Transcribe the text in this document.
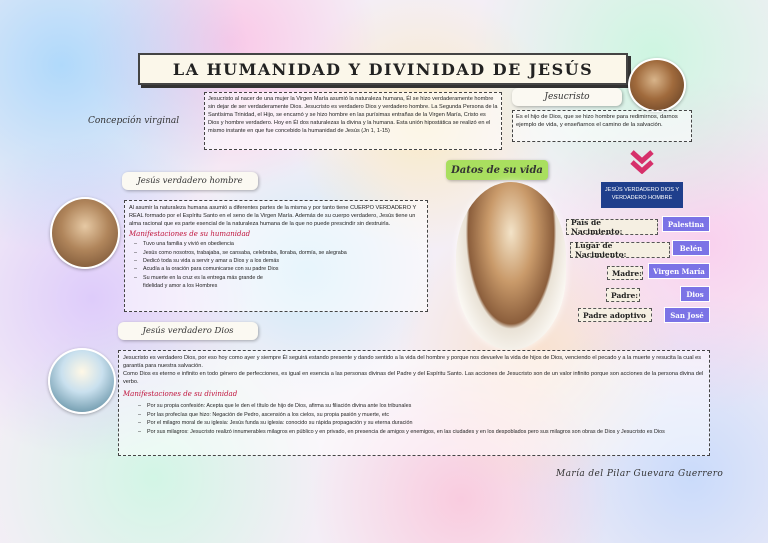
LA HUMANIDAD Y DIVINIDAD DE JESÚS
Concepción virginal
Jesucristo al nacer de una mujer la Virgen María asumió la naturaleza humana, Él se hizo verdaderamente hombre sin dejar de ser verdaderamente Dios. Jesucristo es verdadero Dios y verdadero hombre. La Segunda Persona de la Santísima Trinidad, el Hijo, se encarnó y se hizo hombre en las purísimas entrañas de la Virgen María, Cristo es Dios y hombre verdadero. Hoy en Él dos naturalezas la divina y la humana. Esta unión hipostática se realizó en el mismo instante en que fue concebido la humanidad de Jesús (Jn 1, 1-15)
Jesucristo
Es el hijo de Dios, que se hizo hombre para redimirnos, darnos ejemplo de vida, y enseñarnos el camino de la salvación.
JESÚS VERDADERO DIOS Y VERDADERO HOMBRE
Datos de su vida
País de Nacimiento:
Palestina
Lugar de Nacimiento:
Belén
Madre:	Virgen María
Padre:	Dios
Padre adoptivo	San José
Jesús verdadero hombre
Al asumir la naturaleza humana asumió a diferentes partes de la misma y por tanto tiene CUERPO VERDADERO Y REAL formado por el Espíritu Santo en el seno de la Virgen María. Además de su cuerpo verdadero, Jesús tiene un alma racional que es parte esencial de la naturaleza humana de la que no puede prescindir sin destruirla.
Manifestaciones de su humanidad
– Tuvo una familia y vivió en obediencia
– Jesús como nosotros, trabajaba, se cansaba, celebraba, lloraba, dormía, se alegraba
– Dedicó toda su vida a servir y amar a Dios y a los demás
– Acudía a la oración para comunicarse con su padre Dios
– Su muerte en la cruz es la entrega más grande de fidelidad y amor a los Hombres
Jesús verdadero Dios
Jesucristo es verdadero Dios, por eso hoy como ayer y siempre Él seguirá estando presente y dando sentido a la vida del hombre y porque nos devuelve la vida de hijos de Dios, venciendo el pecado y a la muerte y resucita la cual es garantía para nuestra salvación.
Como Dios es eterno e infinito en todo género de perfecciones, es igual en esencia a las personas divinas del Padre y del Espíritu Santo. Las acciones de Jesucristo son de un valor infinito porque son acciones de la persona divina del verbo.
Manifestaciones de su divinidad
– Por su propia confesión: Acepta que le den el título de hijo de Dios, afirma su filiación divina ante los tribunales
– Por las profecías que hizo: Negación de Pedro, ascensión a los cielos, su propia pasión y muerte, etc
– Por el milagro moral de su iglesia: Jesús funda su iglesia: conocido su rápida propagación y su eterna duración
– Por sus milagros: Jesucristo realizó innumerables milagros en público y en privado, en presencia de amigos y enemigos, en las ciudades y en los despoblados pero sus milagros son obras de Dios y Jesucristo es Dios
María del Pilar Guevara Guerrero
